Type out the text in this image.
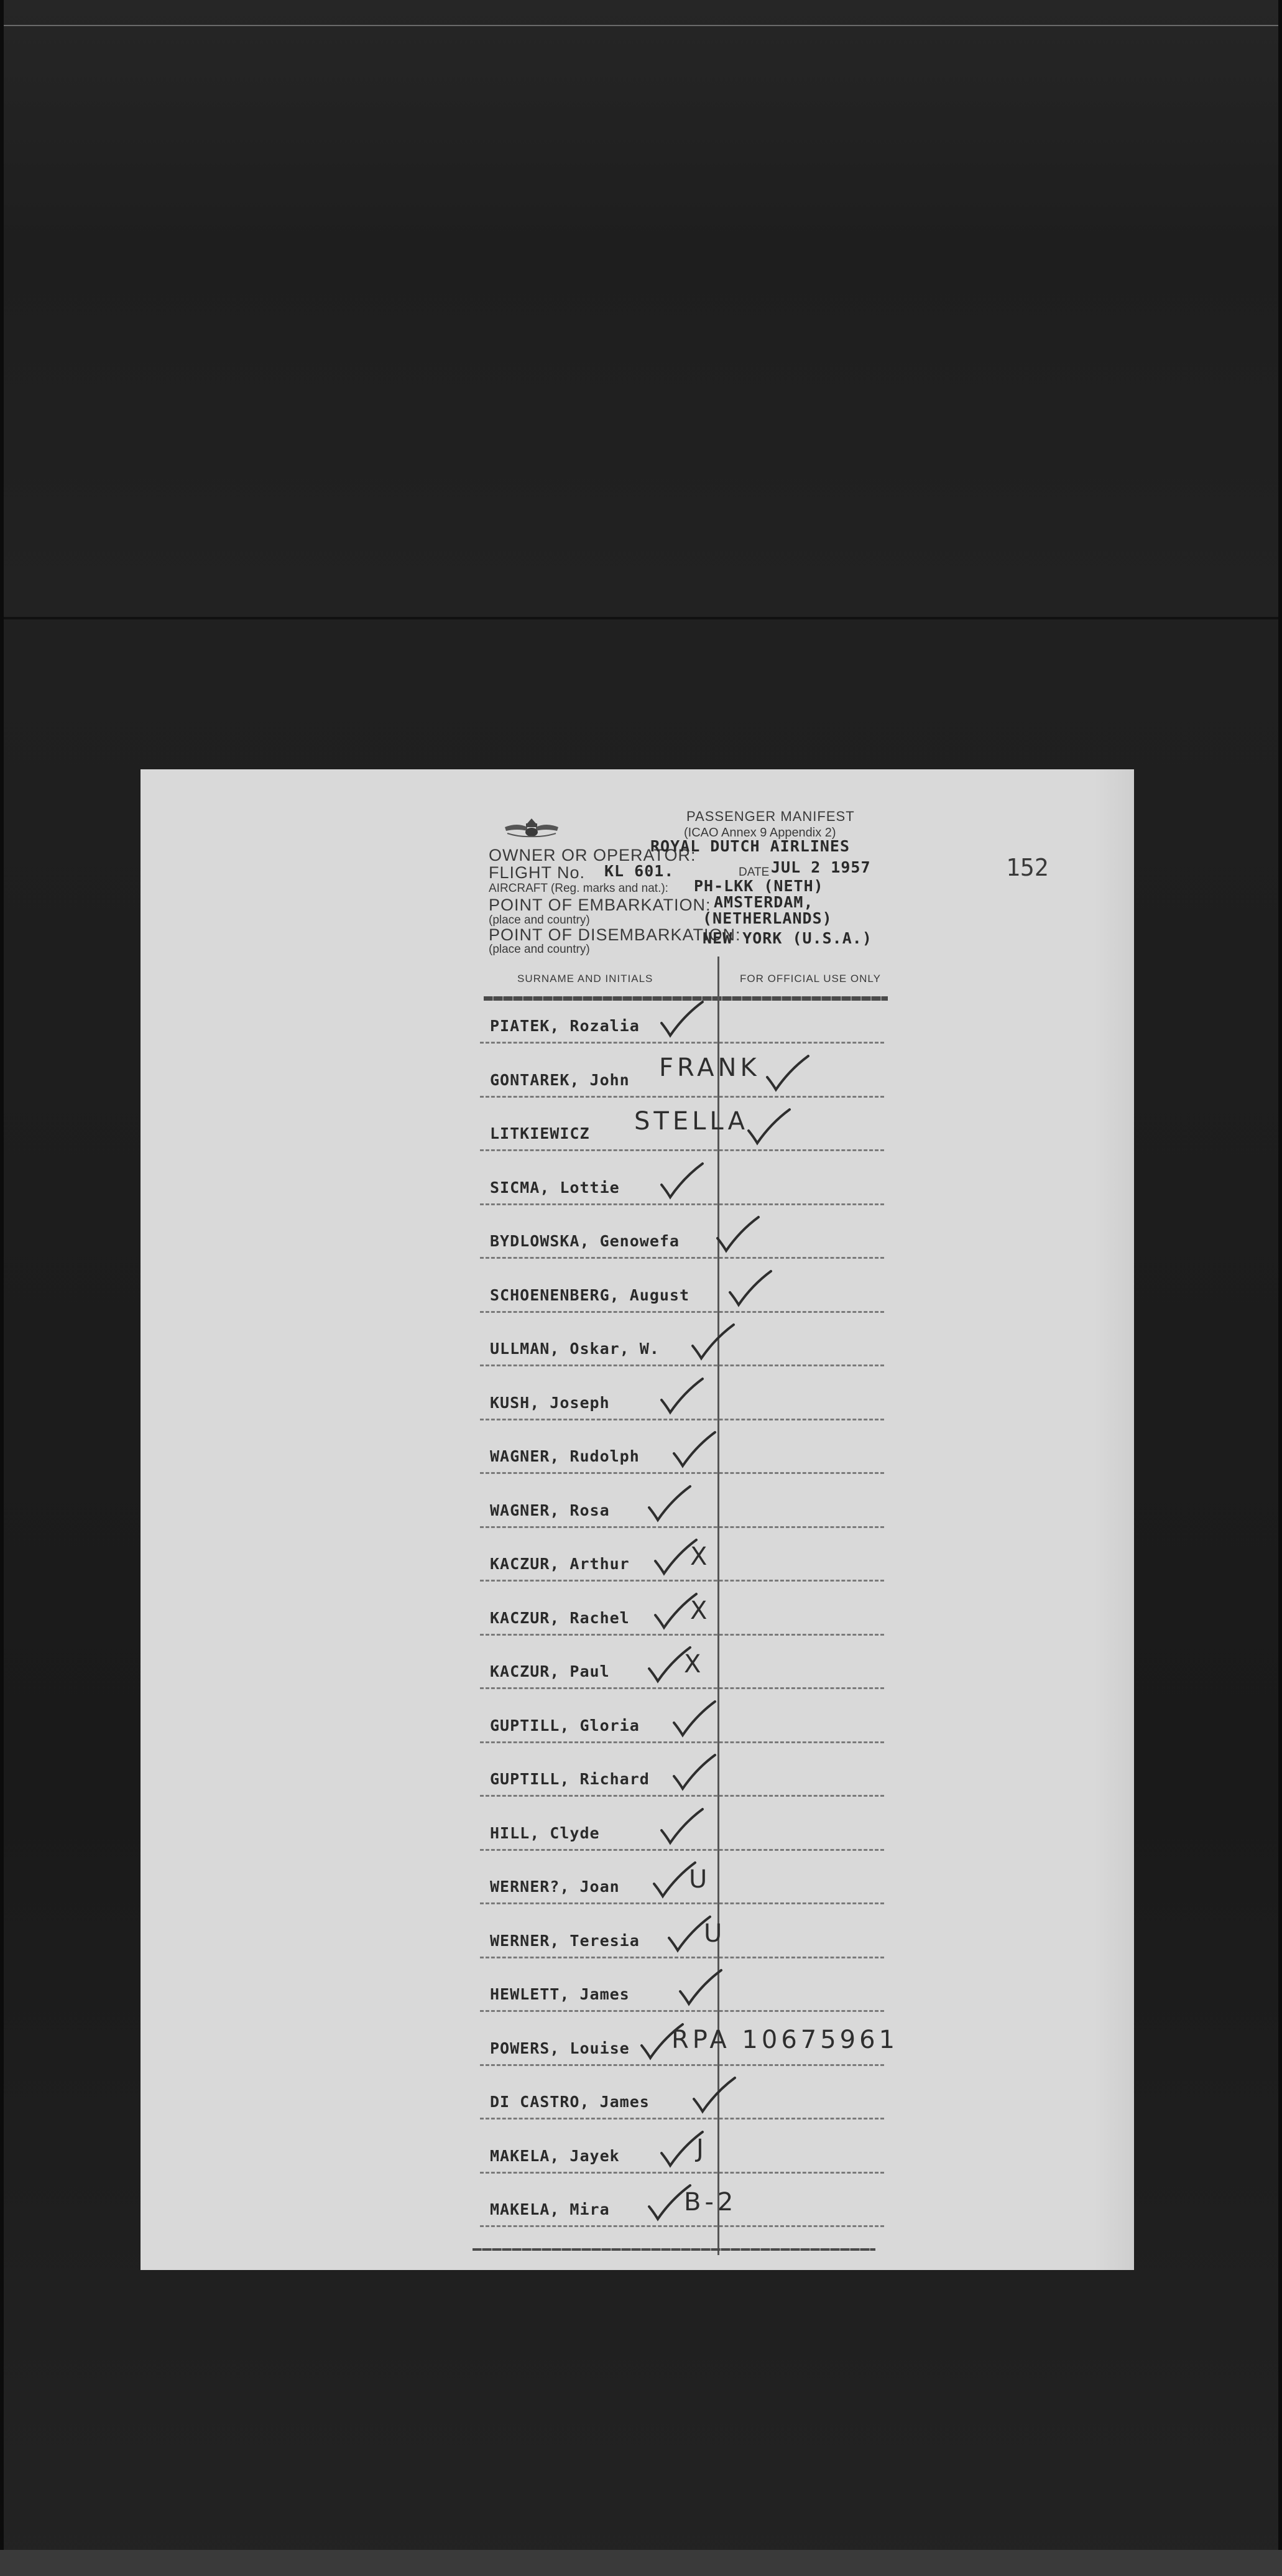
PASSENGER MANIFEST
(ICAO Annex 9 Appendix 2)
OWNER OR OPERATOR:
ROYAL DUTCH AIRLINES
FLIGHT No. KL 601.	DATE JUL 2 1957
AIRCRAFT (Reg. marks and nat.): PH-LKK (NETH)
POINT OF EMBARKATION: AMSTERDAM,
(place and country)	(NETHERLANDS)
POINT OF DISEMBARKATION:
(place and country)
NEW YORK (U.S.A.)
152
SURNAME AND INITIALS	FOR OFFICIAL USE ONLY
PIATEK, Rozalia
GONTAREK, John FRANK
LITKIEWICZ STELLA
SICMA, Lottie
BYDLOWSKA, Genowefa
SCHOENENBERG, August
ULLMAN, Oskar, W.
KUSH, Joseph
WAGNER, Rudolph
WAGNER, Rosa
KACZUR, Arthur X
KACZUR, Rachel X
KACZUR, Paul	X
GUPTILL, Gloria
GUPTILL, Richard
HILL, Clyde
WERNER?, Joan	U
WERNER, Teresia	U
HEWLETT, James
POWERS, Louise RPA 10675961
DI CASTRO, James
MAKELA, Jayek	J
MAKELA, Mira	B-2
